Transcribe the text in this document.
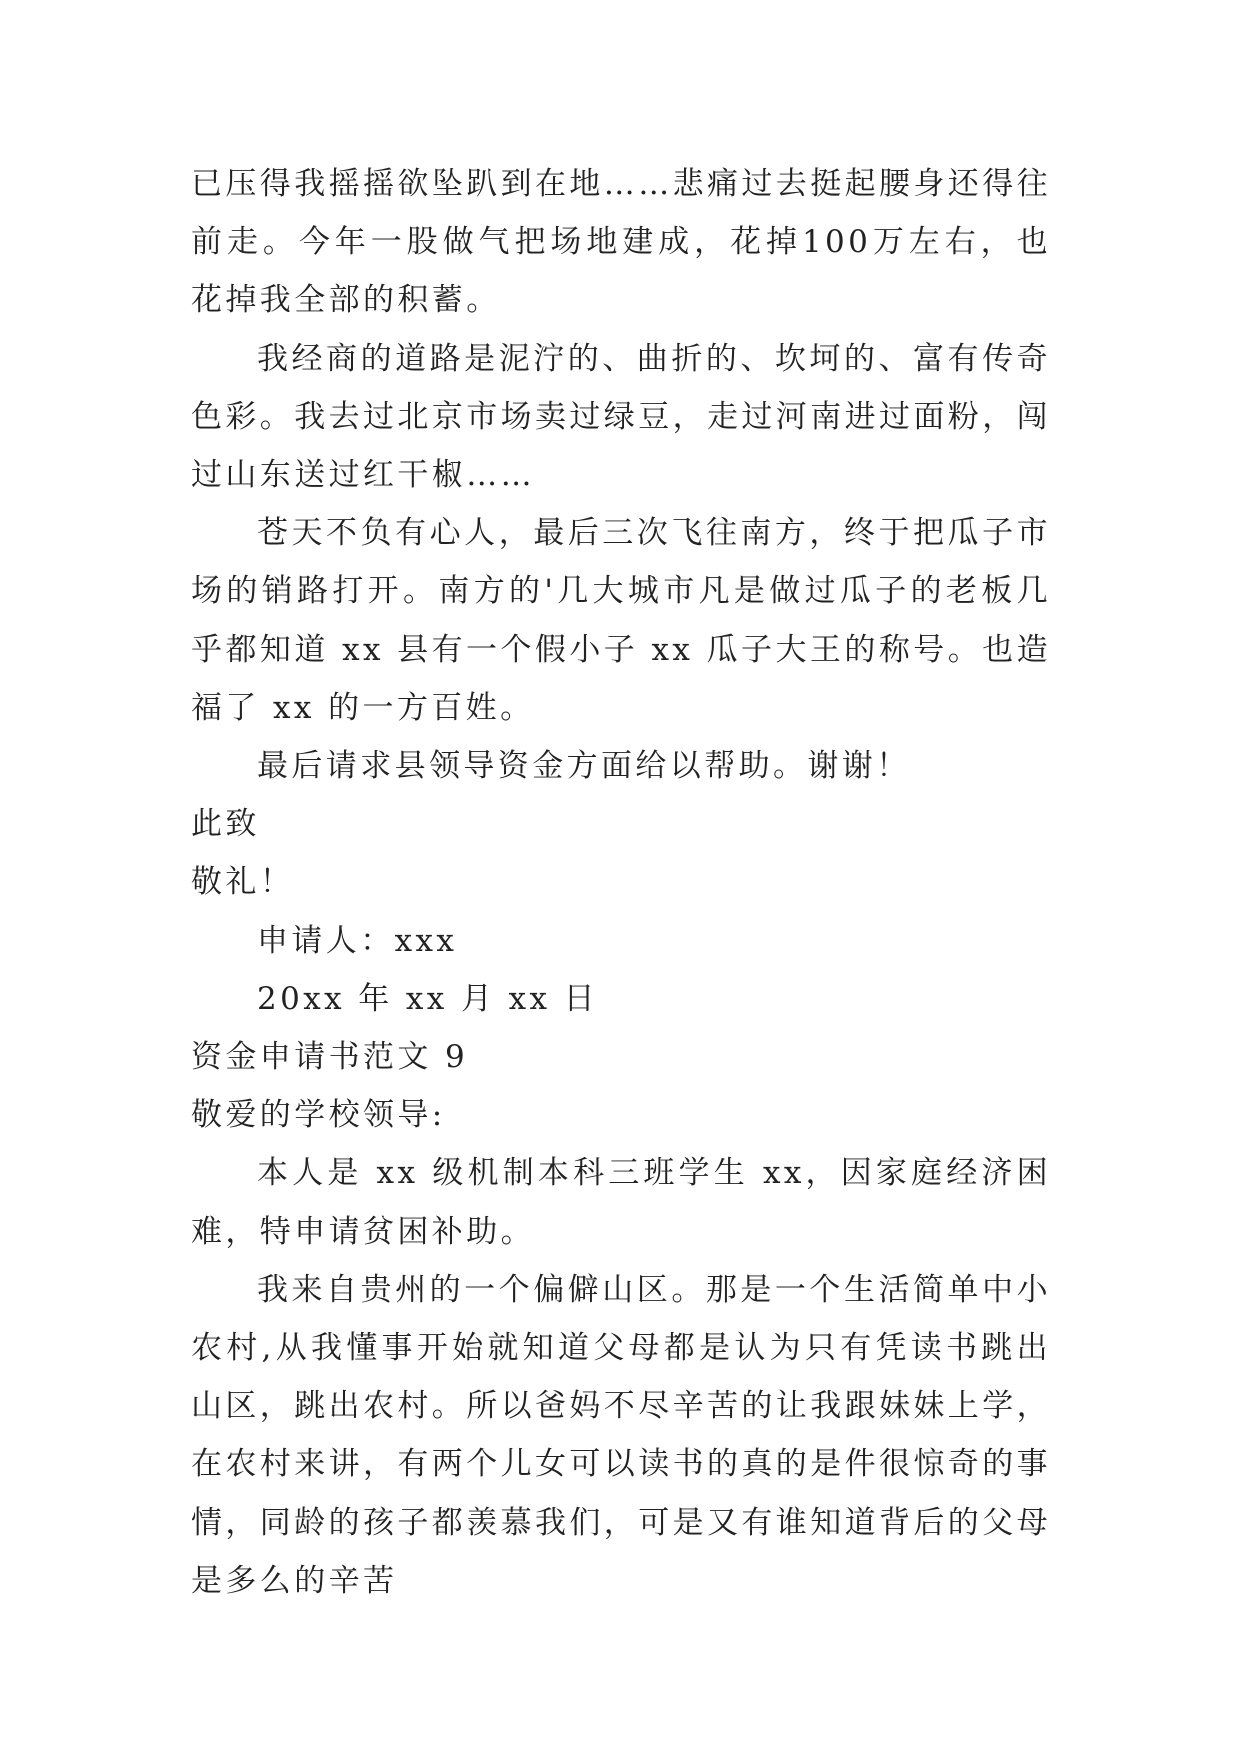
已压得我摇摇欲坠趴到在地……悲痛过去挺起腰身还得往前走。今年一股做气把场地建成，花掉100万左右，也花掉我全部的积蓄。

我经商的道路是泥泞的、曲折的、坎坷的、富有传奇色彩。我去过北京市场卖过绿豆，走过河南进过面粉，闯过山东送过红干椒……

苍天不负有心人，最后三次飞往南方，终于把瓜子市场的销路打开。南方的'几大城市凡是做过瓜子的老板几乎都知道 xx 县有一个假小子 xx 瓜子大王的称号。也造福了 xx 的一方百姓。

最后请求县领导资金方面给以帮助。谢谢！

此致

敬礼！

申请人：xxx

20xx 年 xx 月 xx 日

资金申请书范文 9

敬爱的学校领导:

本人是 xx 级机制本科三班学生 xx，因家庭经济困难，特申请贫困补助。

我来自贵州的一个偏僻山区。那是一个生活简单中小农村,从我懂事开始就知道父母都是认为只有凭读书跳出山区，跳出农村。所以爸妈不尽辛苦的让我跟妹妹上学，在农村来讲，有两个儿女可以读书的真的是件很惊奇的事情，同龄的孩子都羡慕我们，可是又有谁知道背后的父母是多么的辛苦
